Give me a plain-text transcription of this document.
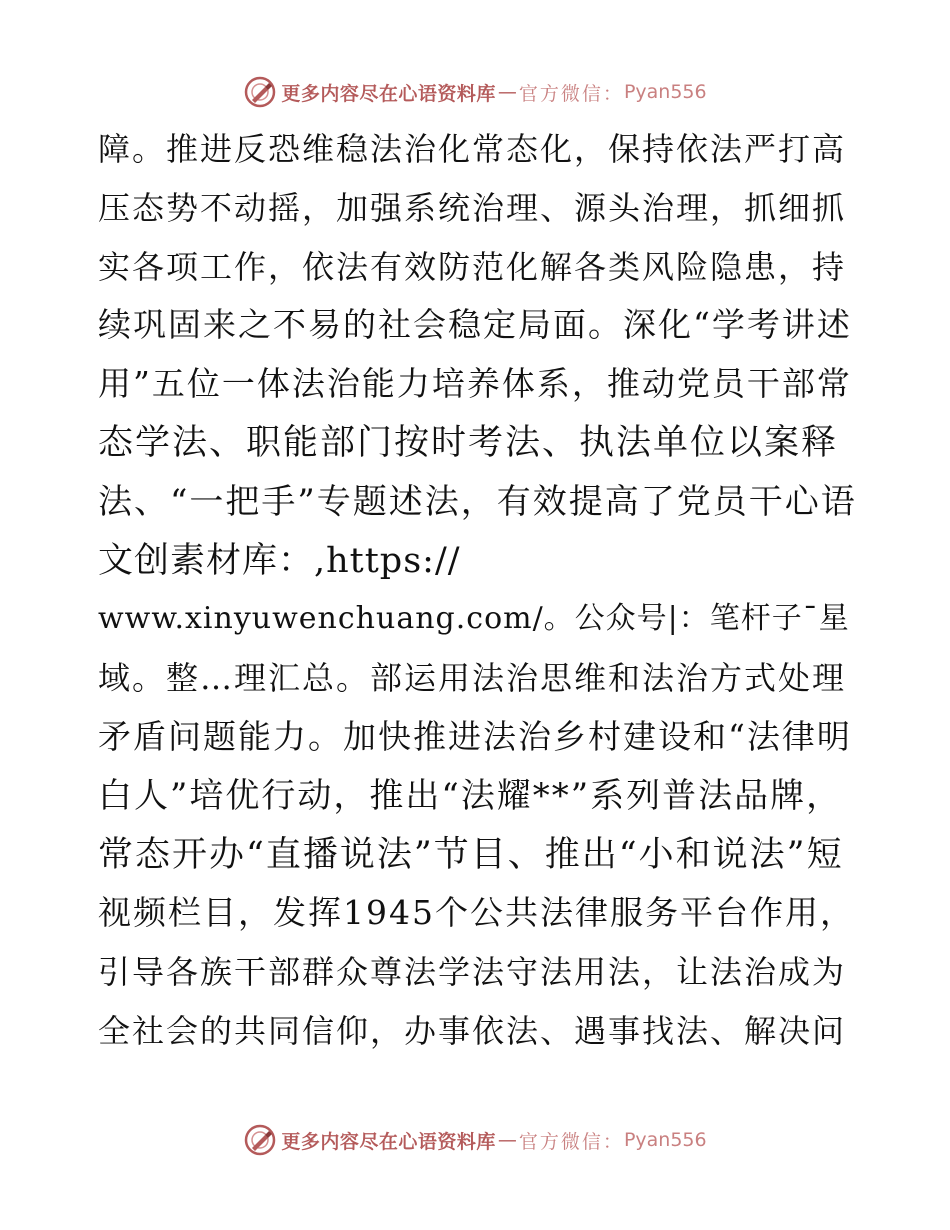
更多内容尽在心语资料库 — 官方微信： Pyan556
障。推进反恐维稳法治化常态化，保持依法严打高
压态势不动摇，加强系统治理、源头治理，抓细抓
实各项工作，依法有效防范化解各类风险隐患，持
续巩固来之不易的社会稳定局面。深化“学考讲述
用”五位一体法治能力培养体系，推动党员干部常
态学法、职能部门按时考法、执法单位以案释
法、“一把手”专题述法，有效提高了党员干心语
文创素材库：,https://
www.xinyuwenchuang.com/。公众号|：笔杆子¯星
域。整…理汇总。部运用法治思维和法治方式处理
矛盾问题能力。加快推进法治乡村建设和“法律明
白人”培优行动，推出“法耀**”系列普法品牌，
常态开办“直播说法”节目、推出“小和说法”短
视频栏目，发挥1945个公共法律服务平台作用，
引导各族干部群众尊法学法守法用法，让法治成为
全社会的共同信仰，办事依法、遇事找法、解决问
更多内容尽在心语资料库 — 官方微信： Pyan556
